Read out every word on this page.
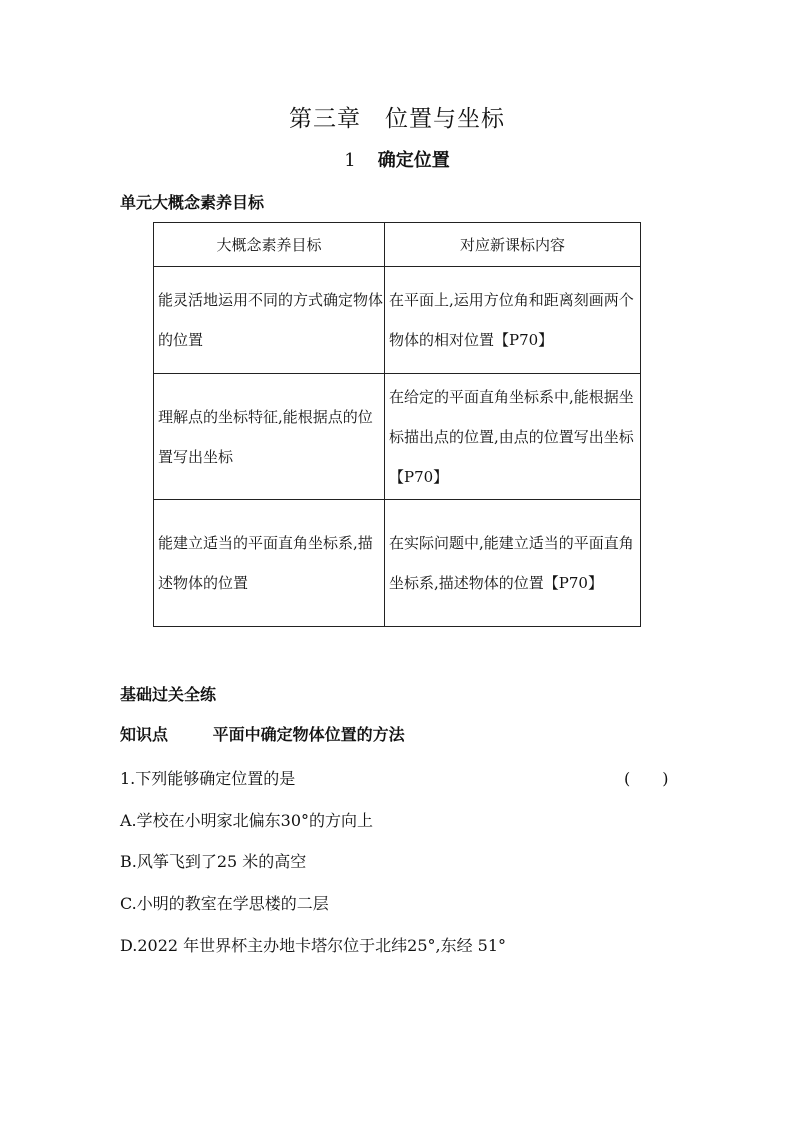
第三章　位置与坐标
1 确定位置
单元大概念素养目标
大概念素养目标	对应新课标内容
能灵活地运用不同的方式确定物体的位置	在平面上,运用方位角和距离刻画两个物体的相对位置【P70】
理解点的坐标特征,能根据点的位置写出坐标	在给定的平面直角坐标系中,能根据坐标描出点的位置,由点的位置写出坐标【P70】
能建立适当的平面直角坐标系,描述物体的位置	在实际问题中,能建立适当的平面直角坐标系,描述物体的位置【P70】
基础过关全练
知识点	平面中确定物体位置的方法
1.下列能够确定位置的是	(　　)
A.学校在小明家北偏东30°的方向上
B.风筝飞到了25 米的高空
C.小明的教室在学思楼的二层
D.2022 年世界杯主办地卡塔尔位于北纬25°,东经 51°
